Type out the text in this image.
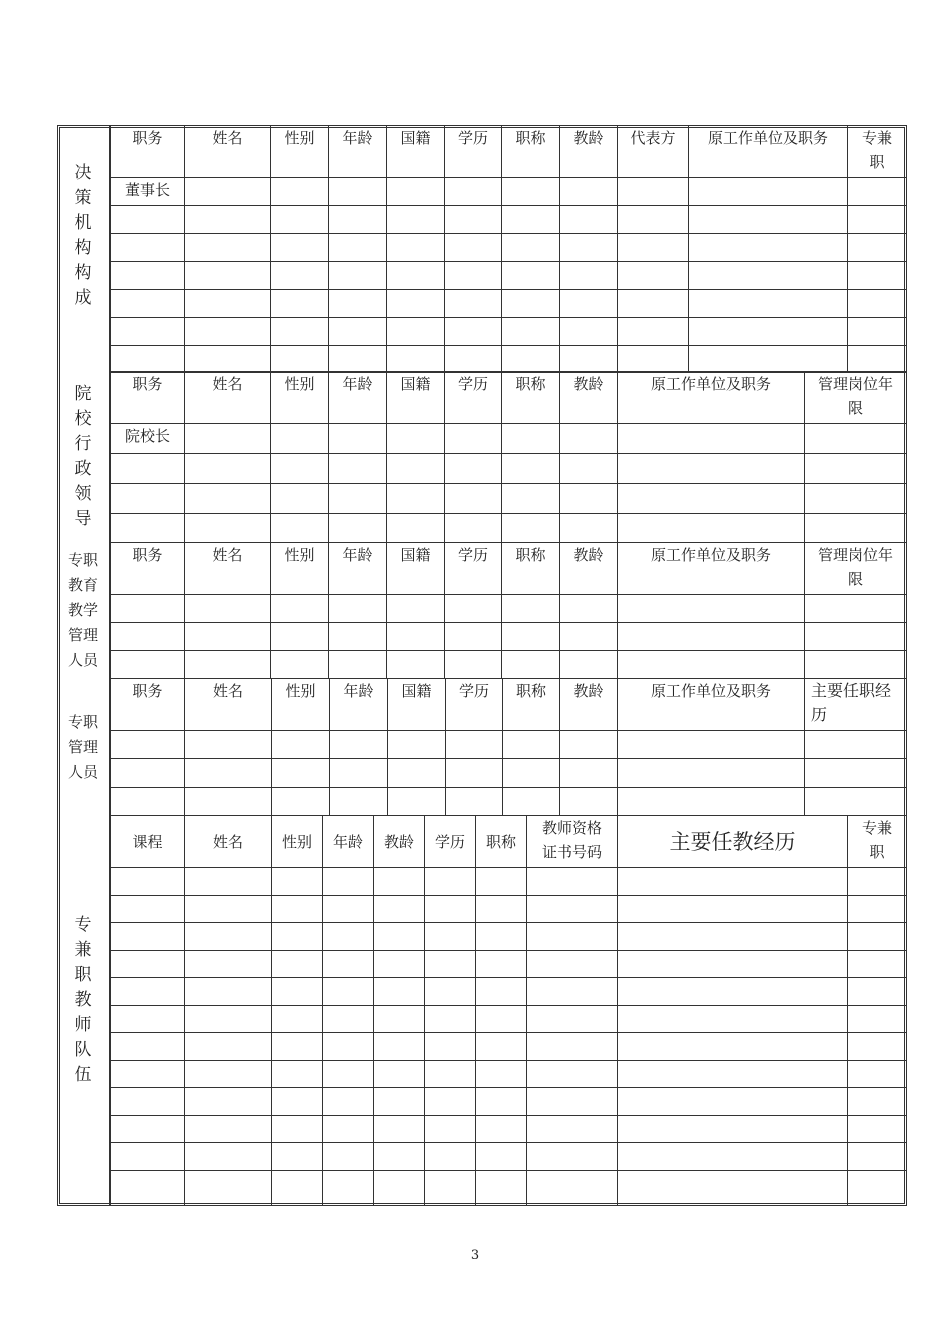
决策机构构成
职务	姓名	性别	年龄	国籍	学历	职称	教龄	代表方	原工作单位及职务	专兼职
董事长										

院校行政领导
职务	姓名	性别	年龄	国籍	学历	职称	教龄	原工作单位及职务	管理岗位年限
院校长									

专职教育教学管理人员
职务	姓名	性别	年龄	国籍	学历	职称	教龄	原工作单位及职务	管理岗位年限

专职管理人员
职务	姓名	性别	年龄	国籍	学历	职称	教龄	原工作单位及职务	主要任职经历

专兼职教师队伍
课程	姓名	性别	年龄	教龄	学历	职称	教师资格证书号码	主要任教经历	专兼职

3
